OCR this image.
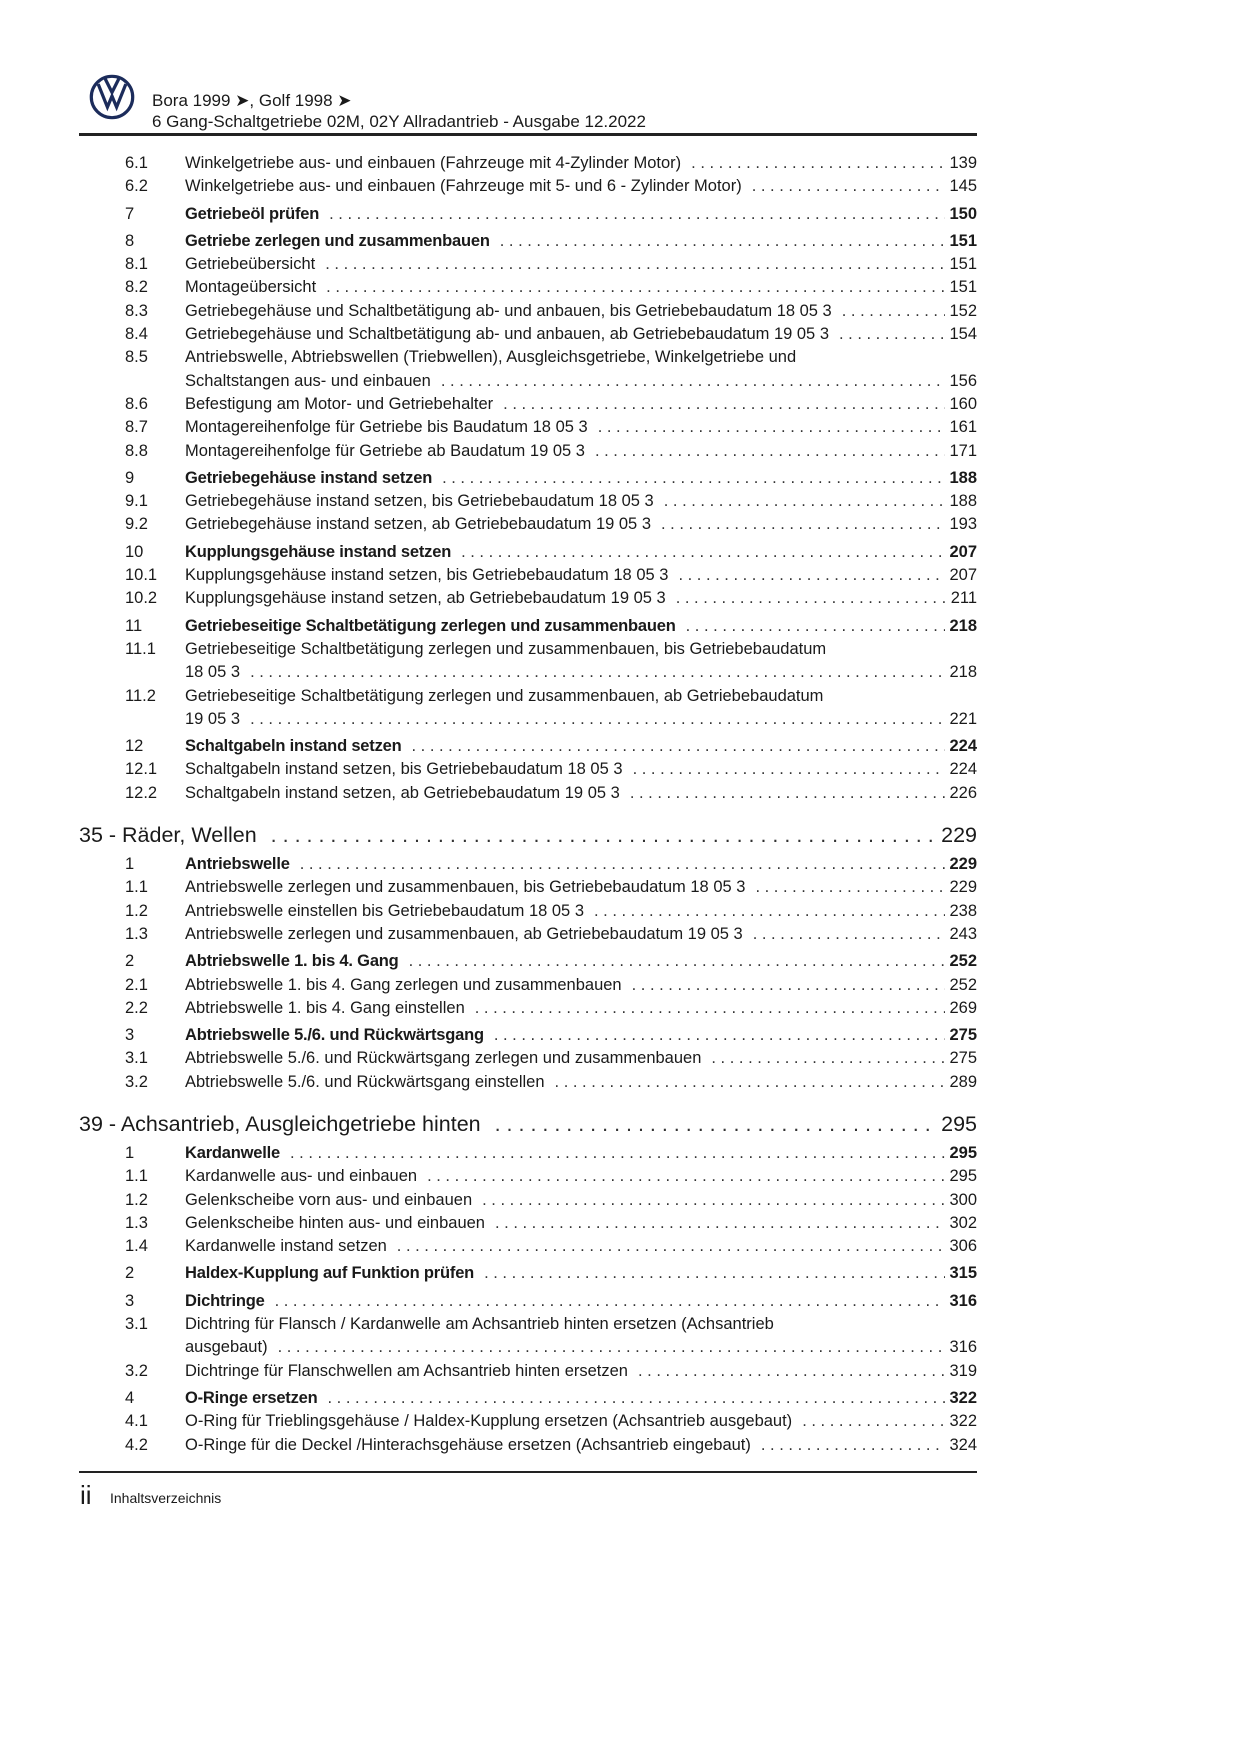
Bora 1999 ➤, Golf 1998 ➤
6 Gang-Schaltgetriebe 02M, 02Y Allradantrieb - Ausgabe 12.2022
6.1 Winkelgetriebe aus- und einbauen (Fahrzeuge mit 4-Zylinder Motor) . . .	139
6.2 Winkelgetriebe aus- und einbauen (Fahrzeuge mit 5- und 6 - Zylinder Motor) . . .	145
7	Getriebeöl prüfen . . .	150
8	Getriebe zerlegen und zusammenbauen . . .	151
8.1 Getriebeübersicht . . .	151
8.2 Montageübersicht . . .	151
8.3 Getriebegehäuse und Schaltbetätigung ab- und anbauen, bis Getriebebaudatum 18 05 3 . . .	152
8.4 Getriebegehäuse und Schaltbetätigung ab- und anbauen, ab Getriebebaudatum 19 05 3 . . .	154
8.5 Antriebswelle, Abtriebswellen (Triebwellen), Ausgleichsgetriebe, Winkelgetriebe und
Schaltstangen aus- und einbauen . . .	156
8.6 Befestigung am Motor- und Getriebehalter . . .	160
8.7 Montagereihenfolge für Getriebe bis Baudatum 18 05 3 . . .	161
8.8 Montagereihenfolge für Getriebe ab Baudatum 19 05 3 . . .	171
9	Getriebegehäuse instand setzen . . .	188
9.1 Getriebegehäuse instand setzen, bis Getriebebaudatum 18 05 3 . . .	188
9.2 Getriebegehäuse instand setzen, ab Getriebebaudatum 19 05 3 . . .	193
10	Kupplungsgehäuse instand setzen . . .	207
10.1 Kupplungsgehäuse instand setzen, bis Getriebebaudatum 18 05 3 . . .	207
10.2 Kupplungsgehäuse instand setzen, ab Getriebebaudatum 19 05 3 . . .	211
11	Getriebeseitige Schaltbetätigung zerlegen und zusammenbauen . . .	218
11.1 Getriebeseitige Schaltbetätigung zerlegen und zusammenbauen, bis Getriebebaudatum
18 05 3 . . .	218
11.2 Getriebeseitige Schaltbetätigung zerlegen und zusammenbauen, ab Getriebebaudatum
19 05 3 . . .	221
12	Schaltgabeln instand setzen . . .	224
12.1 Schaltgabeln instand setzen, bis Getriebebaudatum 18 05 3 . . .	224
12.2 Schaltgabeln instand setzen, ab Getriebebaudatum 19 05 3 . . .	226
35 - Räder, Wellen . . .	229
1	Antriebswelle . . .	229
1.1 Antriebswelle zerlegen und zusammenbauen, bis Getriebebaudatum 18 05 3 . . .	229
1.2 Antriebswelle einstellen bis Getriebebaudatum 18 05 3 . . .	238
1.3 Antriebswelle zerlegen und zusammenbauen, ab Getriebebaudatum 19 05 3 . . .	243
2	Abtriebswelle 1. bis 4. Gang . . .	252
2.1 Abtriebswelle 1. bis 4. Gang zerlegen und zusammenbauen . . .	252
2.2 Abtriebswelle 1. bis 4. Gang einstellen . . .	269
3	Abtriebswelle 5./6. und Rückwärtsgang . . .	275
3.1 Abtriebswelle 5./6. und Rückwärtsgang zerlegen und zusammenbauen . . .	275
3.2 Abtriebswelle 5./6. und Rückwärtsgang einstellen . . .	289
39 - Achsantrieb, Ausgleichgetriebe hinten . . .	295
1	Kardanwelle . . .	295
1.1 Kardanwelle aus- und einbauen . . .	295
1.2 Gelenkscheibe vorn aus- und einbauen . . .	300
1.3 Gelenkscheibe hinten aus- und einbauen . . .	302
1.4 Kardanwelle instand setzen . . .	306
2	Haldex-Kupplung auf Funktion prüfen . . .	315
3	Dichtringe . . .	316
3.1 Dichtring für Flansch / Kardanwelle am Achsantrieb hinten ersetzen (Achsantrieb
ausgebaut) . . .	316
3.2 Dichtringe für Flanschwellen am Achsantrieb hinten ersetzen . . .	319
4	O-Ringe ersetzen . . .	322
4.1 O-Ring für Trieblingsgehäuse / Haldex-Kupplung ersetzen (Achsantrieb ausgebaut) . . .	322
4.2 O-Ringe für die Deckel /Hinterachsgehäuse ersetzen (Achsantrieb eingebaut) . . .	324
ii Inhaltsverzeichnis
